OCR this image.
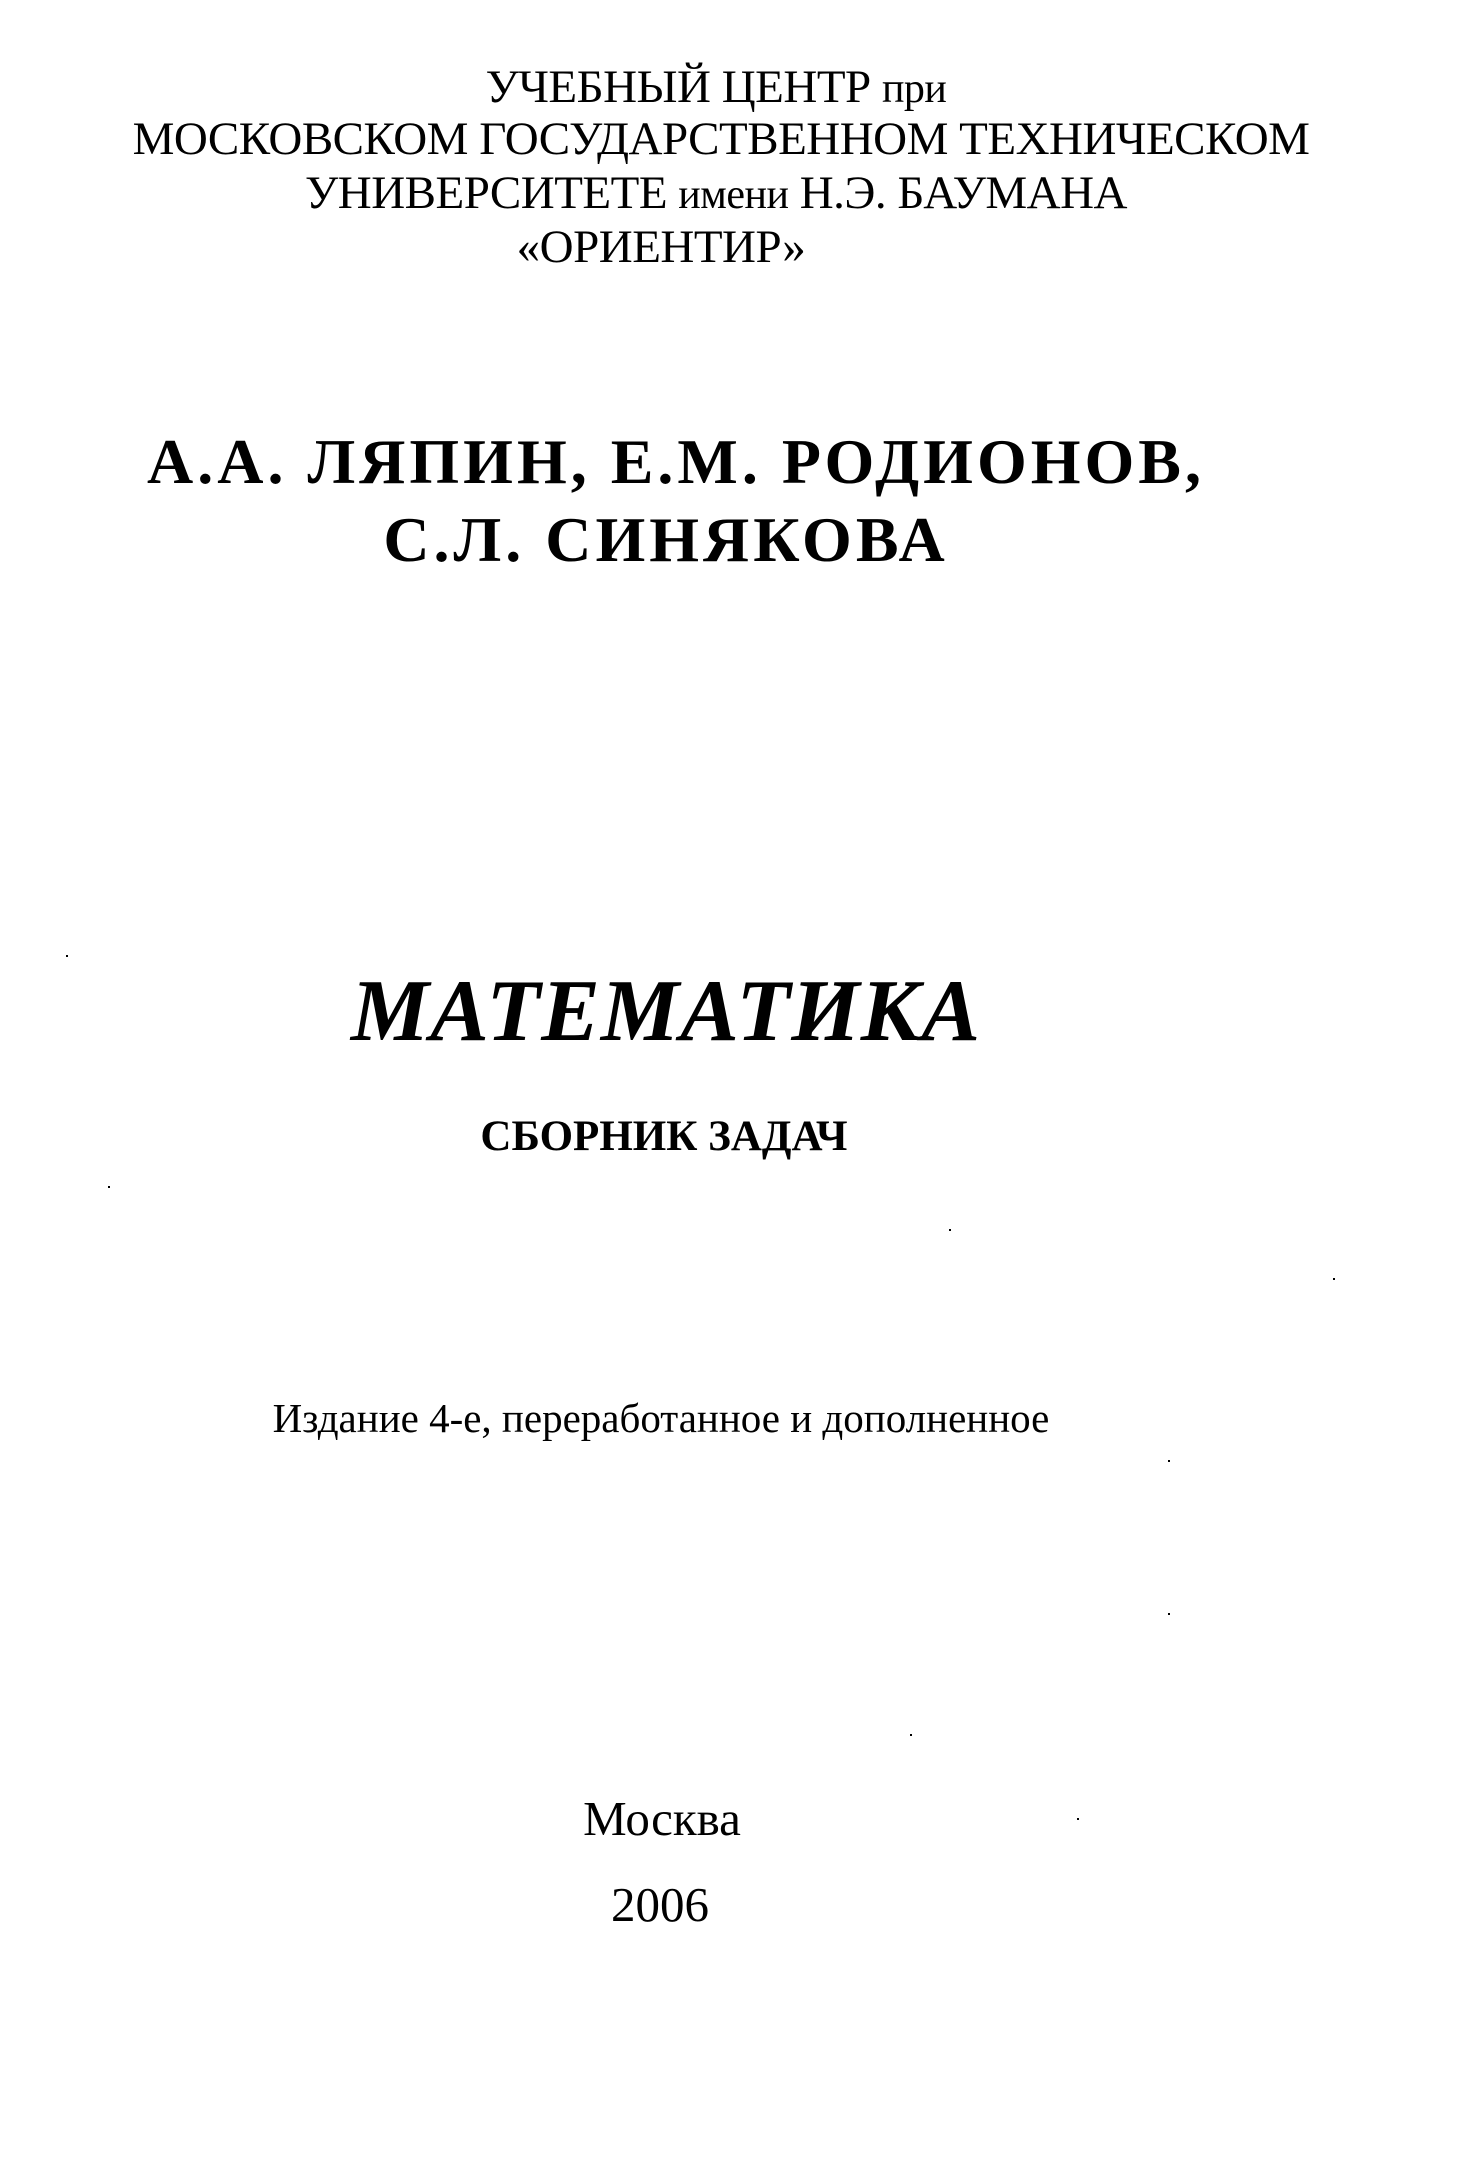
УЧЕБНЫЙ ЦЕНТР при
МОСКОВСКОМ ГОСУДАРСТВЕННОМ ТЕХНИЧЕСКОМ
УНИВЕРСИТЕТЕ имени Н.Э. БАУМАНА
«ОРИЕНТИР»
А.А. ЛЯПИН, Е.М. РОДИОНОВ,
С.Л. СИНЯКОВА
МАТЕМАТИКА
СБОРНИК ЗАДАЧ
Издание 4-е, переработанное и дополненное
Москва
2006
